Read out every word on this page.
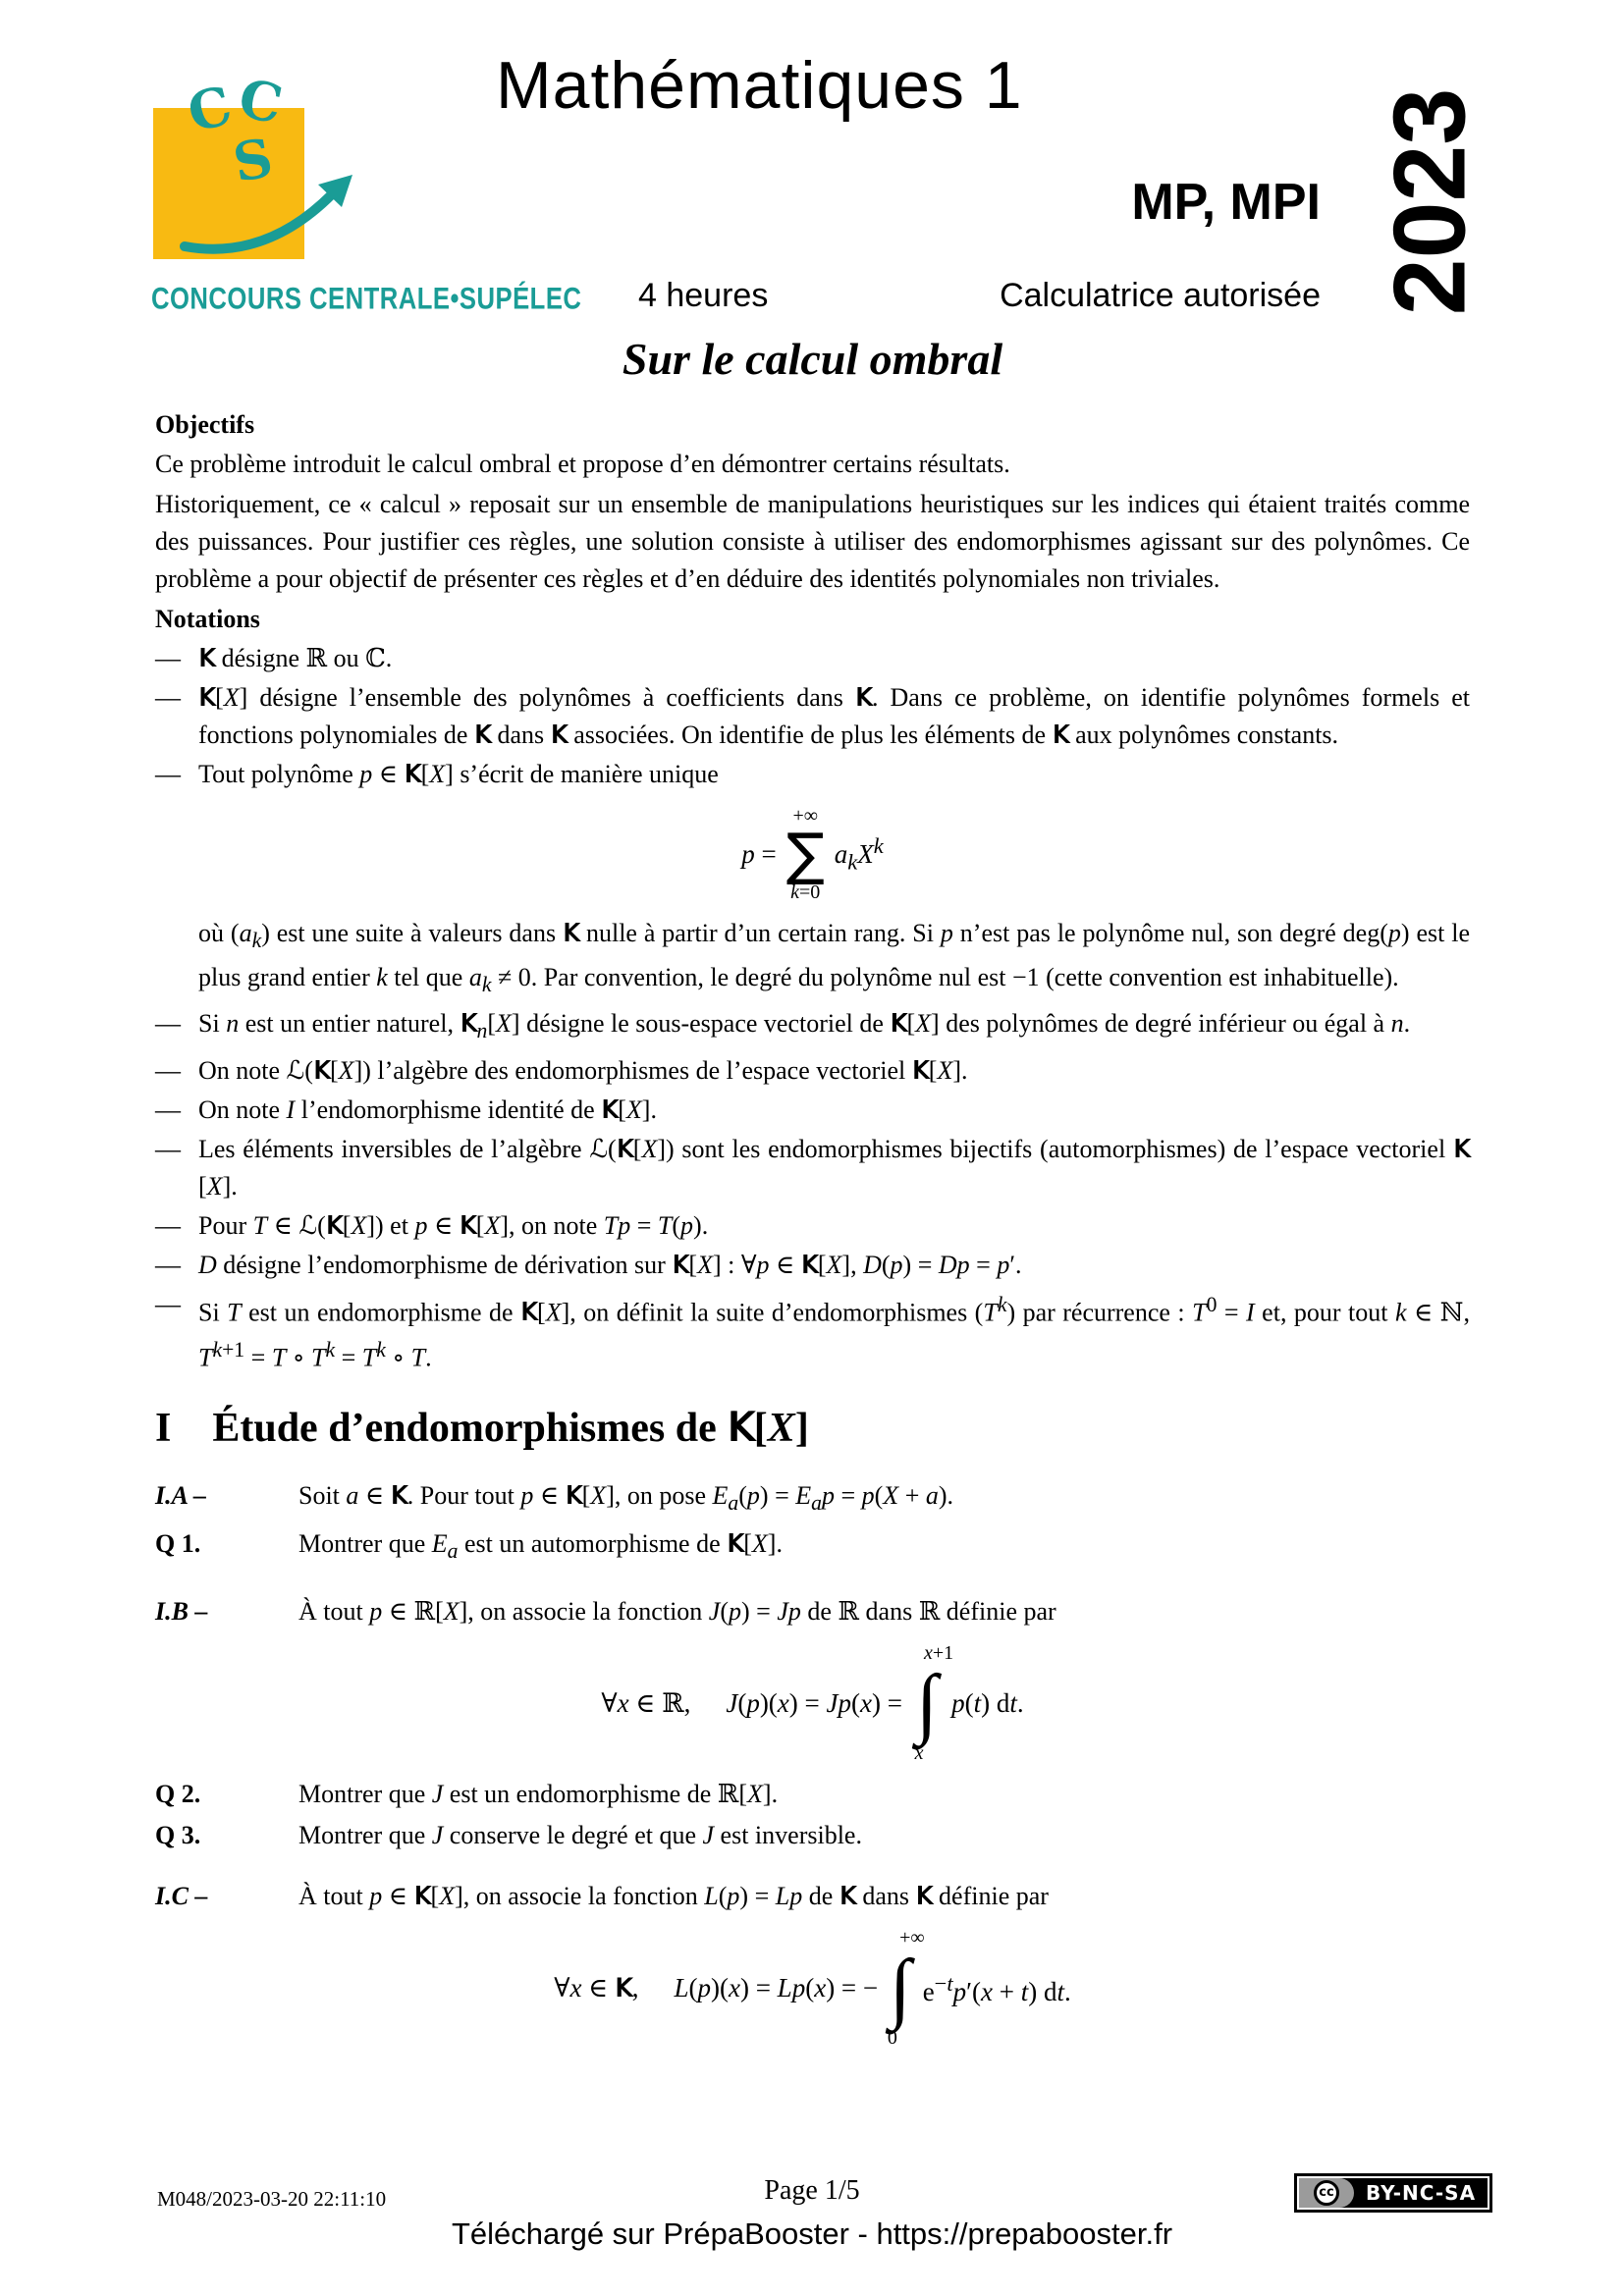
C
C
S
CONCOURS CENTRALE•SUPÉLEC
Mathématiques 1
MP, MPI
4 heures	Calculatrice autorisée 2023
Sur le calcul ombral
Objectifs
Ce problème introduit le calcul ombral et propose d’en démontrer certains résultats.
Historiquement, ce « calcul » reposait sur un ensemble de manipulations heuristiques sur les indices qui étaient traités comme des puissances. Pour justifier ces règles, une solution consiste à utiliser des endomorphismes agissant sur des polynômes. Ce problème a pour objectif de présenter ces règles et d’en déduire des identités polynomiales non triviales.
Notations
— K K désigne ℝ ou ℂ.
— K K[X] désigne l’ensemble des polynômes à coefficients dans K K. Dans ce problème, on identifie polynômes formels et fonctions polynomiales de K K dans K K associées. On identifie de plus les éléments de K K aux polynômes constants.
— Tout polynôme p ∈ K K[X] s’écrit de manière unique
p =
+∞
∑
k=0
$a_kX^k$
où $(a_k)$ est une suite à valeurs dans K K nulle à partir d’un certain rang. Si p n’est pas le polynôme nul, son degré deg(p) est le plus grand entier k tel que $a_k \ne 0$. Par convention, le degré du polynôme nul est −1 (cette convention est inhabituelle).
— Si n est un entier naturel, K $K_n[X]$ désigne le sous-espace vectoriel de K K[X] des polynômes de degré inférieur ou égal à n.
— On note ℒ(K K[X]) l’algèbre des endomorphismes de l’espace vectoriel K K[X].
— On note I l’endomorphisme identité de K K[X].
— Les éléments inversibles de l’algèbre ℒ(K K[X]) sont les endomorphismes bijectifs (automorphismes) de l’espace vectoriel K K[X].
— Pour T ∈ ℒ(K K[X]) et p ∈ K K[X], on note Tp = T(p).
— D désigne l’endomorphisme de dérivation sur K K[X] : ∀p ∈ K K[X], D(p) = Dp = p′.
— Si T est un endomorphisme de K K[X], on définit la suite d’endomorphismes $(T^k)$ par récurrence : $T^0 = I$ et, pour tout k ∈ ℕ, $T^{k+1} = T$ ∘ $T^k = T^k$ ∘ T.
I Étude d’endomorphismes de K K[X]
I.A –	Soit a ∈ K K. Pour tout p ∈ K K[X], on pose $E_a(p) = E_ap = p(X + a)$.
Q 1.	Montrer que $E_a$ est un automorphisme de K K[X].
I.B –	À tout p ∈ ℝ[X], on associe la fonction J(p) = Jp de ℝ dans ℝ définie par
∀x ∈ ℝ, J(p)(x) = Jp(x) =
x+1
∫
x
p(t) dt.
Q 2.	Montrer que J est un endomorphisme de ℝ[X].
Q 3.	Montrer que J conserve le degré et que J est inversible.
I.C –	À tout p ∈ K K[X], on associe la fonction L(p) = Lp de K K dans K K définie par
∀x ∈ K K, L(p)(x) = Lp(x) = −
+∞
∫
0
$e^{-t}p'(x + t)$ dt.
M048/2023-03-20 22:11:10	Page 1/5	cc	BY-NC-SA
Téléchargé sur PrépaBooster - https://prepabooster.fr
